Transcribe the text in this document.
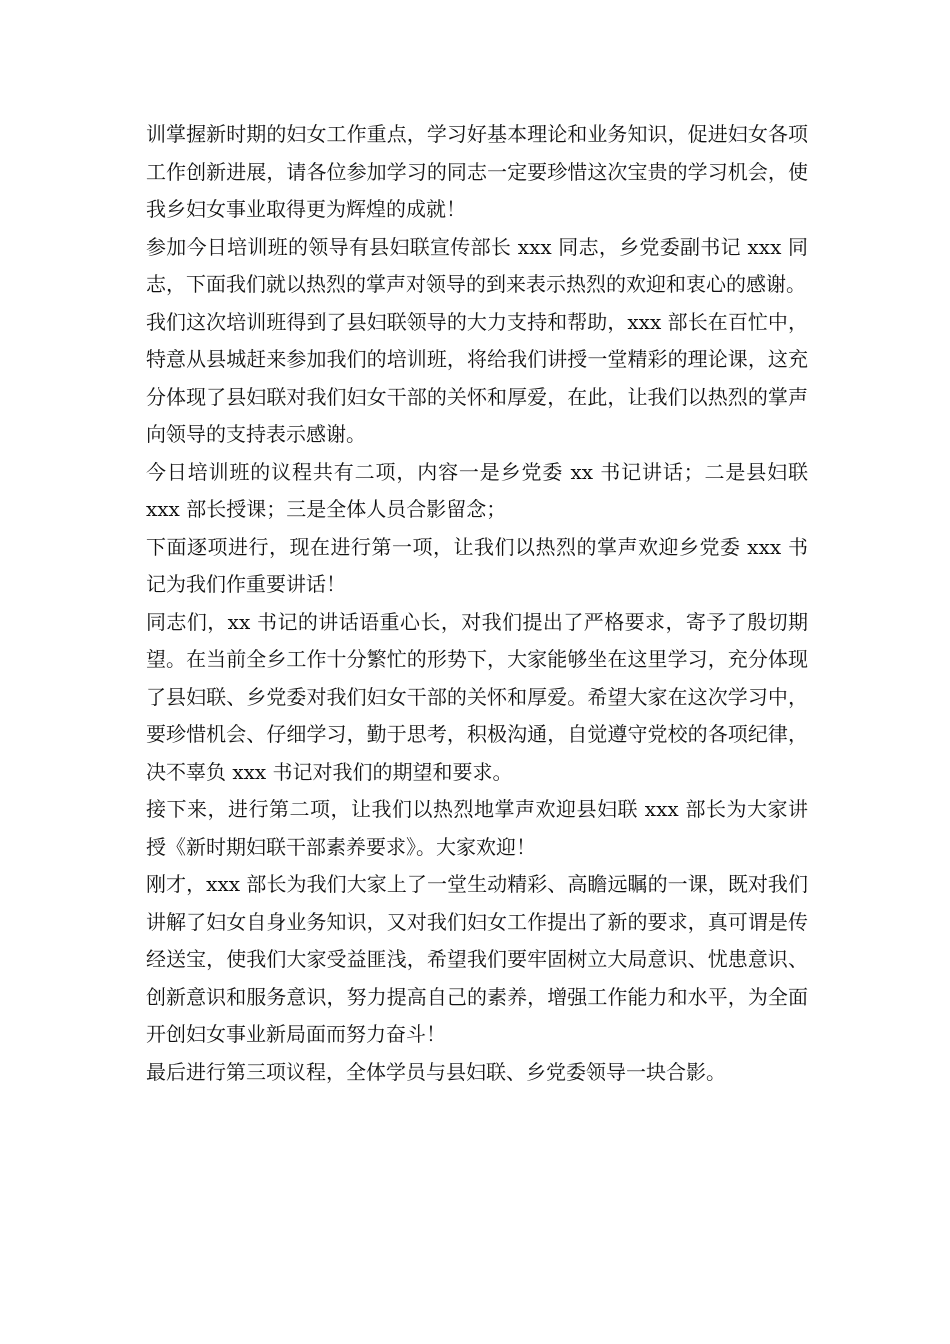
训掌握新时期的妇女工作重点，学习好基本理论和业务知识，促进妇女各项工作创新进展，请各位参加学习的同志一定要珍惜这次宝贵的学习机会，使我乡妇女事业取得更为辉煌的成就！

参加今日培训班的领导有县妇联宣传部长 xxx 同志，乡党委副书记 xxx 同志，下面我们就以热烈的掌声对领导的到来表示热烈的欢迎和衷心的感谢。

我们这次培训班得到了县妇联领导的大力支持和帮助，xxx 部长在百忙中，特意从县城赶来参加我们的培训班，将给我们讲授一堂精彩的理论课，这充分体现了县妇联对我们妇女干部的关怀和厚爱，在此，让我们以热烈的掌声向领导的支持表示感谢。

今日培训班的议程共有二项，内容一是乡党委 xx 书记讲话；二是县妇联 xxx 部长授课；三是全体人员合影留念；

下面逐项进行，现在进行第一项，让我们以热烈的掌声欢迎乡党委 xxx 书记为我们作重要讲话！

同志们，xx 书记的讲话语重心长，对我们提出了严格要求，寄予了殷切期望。在当前全乡工作十分繁忙的形势下，大家能够坐在这里学习，充分体现了县妇联、乡党委对我们妇女干部的关怀和厚爱。希望大家在这次学习中，要珍惜机会、仔细学习，勤于思考，积极沟通，自觉遵守党校的各项纪律，决不辜负 xxx 书记对我们的期望和要求。

接下来，进行第二项，让我们以热烈地掌声欢迎县妇联 xxx 部长为大家讲授《新时期妇联干部素养要求》。大家欢迎！

刚才，xxx 部长为我们大家上了一堂生动精彩、高瞻远瞩的一课，既对我们讲解了妇女自身业务知识，又对我们妇女工作提出了新的要求，真可谓是传经送宝，使我们大家受益匪浅，希望我们要牢固树立大局意识、忧患意识、创新意识和服务意识，努力提高自己的素养，增强工作能力和水平，为全面开创妇女事业新局面而努力奋斗！

最后进行第三项议程，全体学员与县妇联、乡党委领导一块合影。
